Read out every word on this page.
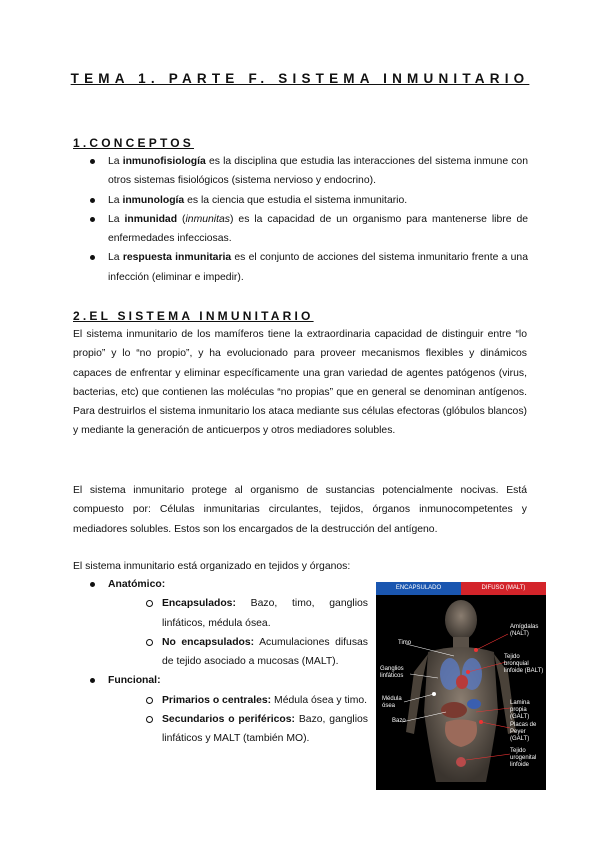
TEMA 1. PARTE F. SISTEMA INMUNITARIO
1.CONCEPTOS
La inmunofisiología es la disciplina que estudia las interacciones del sistema inmune con otros sistemas fisiológicos (sistema nervioso y endocrino).
La inmunología es la ciencia que estudia el sistema inmunitario.
La inmunidad (inmunitas) es la capacidad de un organismo para mantenerse libre de enfermedades infecciosas.
La respuesta inmunitaria es el conjunto de acciones del sistema inmunitario frente a una infección (eliminar e impedir).
2.EL SISTEMA INMUNITARIO

El sistema inmunitario de los mamíferos tiene la extraordinaria capacidad de distinguir entre “lo propio” y lo “no propio”, y ha evolucionado para proveer mecanismos flexibles y dinámicos capaces de enfrentar y eliminar específicamente una gran variedad de agentes patógenos (virus, bacterias, etc) que contienen las moléculas “no propias” que en general se denominan antígenos. Para destruirlos el sistema inmunitario los ataca mediante sus células efectoras (glóbulos blancos) y mediante la generación de anticuerpos y otros mediadores solubles.

El sistema inmunitario protege al organismo de sustancias potencialmente nocivas. Está compuesto por: Células inmunitarias circulantes, tejidos, órganos inmunocompetentes y mediadores solubles. Estos son los encargados de la destrucción del antígeno.

El sistema inmunitario está organizado en tejidos y órganos:

Anatómico:
Encapsulados: Bazo, timo, ganglios linfáticos, médula ósea.
No encapsulados: Acumulaciones difusas de tejido asociado a mucosas (MALT).
Funcional:
Primarios o centrales: Médula ósea y timo.
Secundarios o periféricos: Bazo, ganglios linfáticos y MALT (también MO).
ENCAPSULADO	DIFUSO (MALT)
Timo
Ganglios linfáticos
Médula ósea
Bazo
Amígdalas (NALT)
Tejido bronquial linfoide (BALT)
Lamina propia (GALT)
Placas de Peyer (GALT)
Tejido urogenital linfoide
